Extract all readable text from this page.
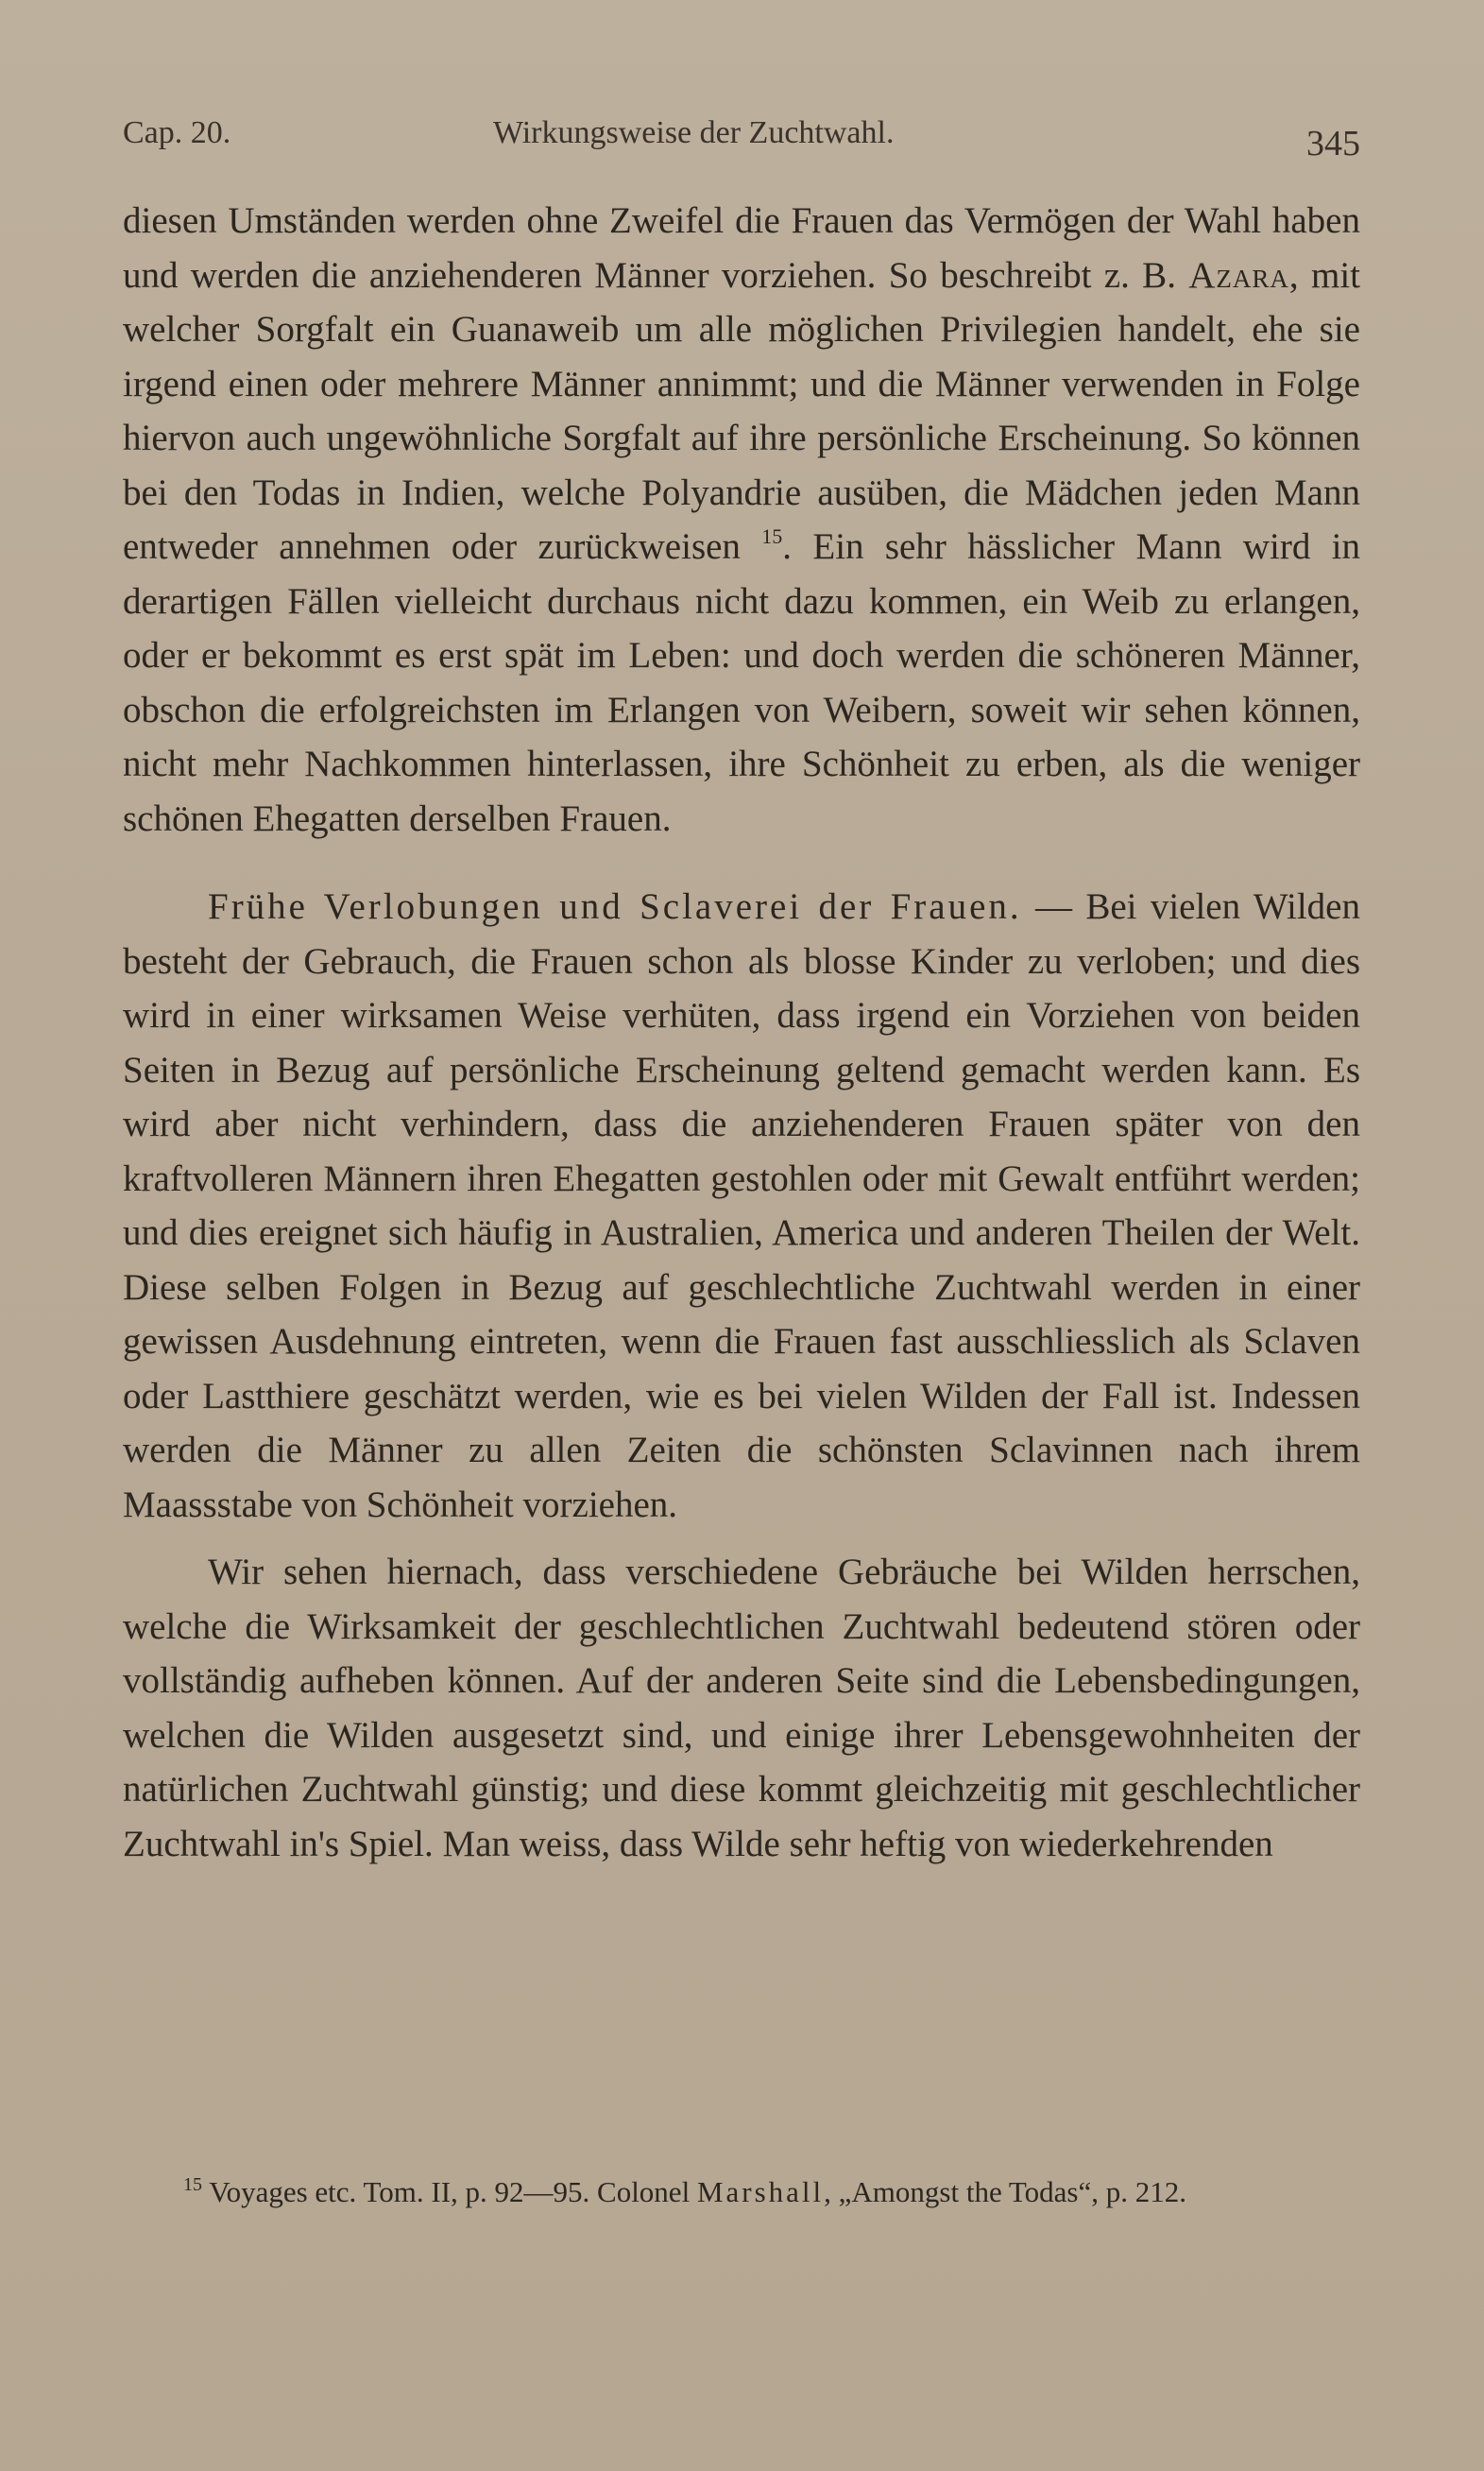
Cap. 20.	Wirkungsweise der Zuchtwahl.	345

diesen Umständen werden ohne Zweifel die Frauen das Vermögen der Wahl haben und werden die anziehenderen Männer vorziehen. So beschreibt z. B. Azara, mit welcher Sorgfalt ein Guanaweib um alle möglichen Privilegien handelt, ehe sie irgend einen oder mehrere Männer annimmt; und die Männer verwenden in Folge hiervon auch ungewöhnliche Sorgfalt auf ihre persönliche Erscheinung. So können bei den Todas in Indien, welche Polyandrie ausüben, die Mädchen jeden Mann entweder annehmen oder zurückweisen $^{15}$. Ein sehr hässlicher Mann wird in derartigen Fällen vielleicht durchaus nicht dazu kommen, ein Weib zu erlangen, oder er bekommt es erst spät im Leben: und doch werden die schöneren Männer, obschon die erfolgreichsten im Erlangen von Weibern, soweit wir sehen können, nicht mehr Nachkommen hinterlassen, ihre Schönheit zu erben, als die weniger schönen Ehegatten derselben Frauen.

Frühe Verlobungen und Sclaverei der Frauen. — Bei vielen Wilden besteht der Gebrauch, die Frauen schon als blosse Kinder zu verloben; und dies wird in einer wirksamen Weise verhüten, dass irgend ein Vorziehen von beiden Seiten in Bezug auf persönliche Erscheinung geltend gemacht werden kann. Es wird aber nicht verhindern, dass die anziehenderen Frauen später von den kraftvolleren Männern ihren Ehegatten gestohlen oder mit Gewalt entführt werden; und dies ereignet sich häufig in Australien, America und anderen Theilen der Welt. Diese selben Folgen in Bezug auf geschlechtliche Zuchtwahl werden in einer gewissen Ausdehnung eintreten, wenn die Frauen fast ausschliesslich als Sclaven oder Lastthiere geschätzt werden, wie es bei vielen Wilden der Fall ist. Indessen werden die Männer zu allen Zeiten die schönsten Sclavinnen nach ihrem Maassstabe von Schönheit vorziehen.

Wir sehen hiernach, dass verschiedene Gebräuche bei Wilden herrschen, welche die Wirksamkeit der geschlechtlichen Zuchtwahl bedeutend stören oder vollständig aufheben können. Auf der anderen Seite sind die Lebensbedingungen, welchen die Wilden ausgesetzt sind, und einige ihrer Lebensgewohnheiten der natürlichen Zuchtwahl günstig; und diese kommt gleichzeitig mit geschlechtlicher Zuchtwahl in's Spiel. Man weiss, dass Wilde sehr heftig von wiederkehrenden

$^{15}$ Voyages etc. Tom. II, p. 92—95. Colonel Marshall, „Amongst the Todas“, p. 212.
